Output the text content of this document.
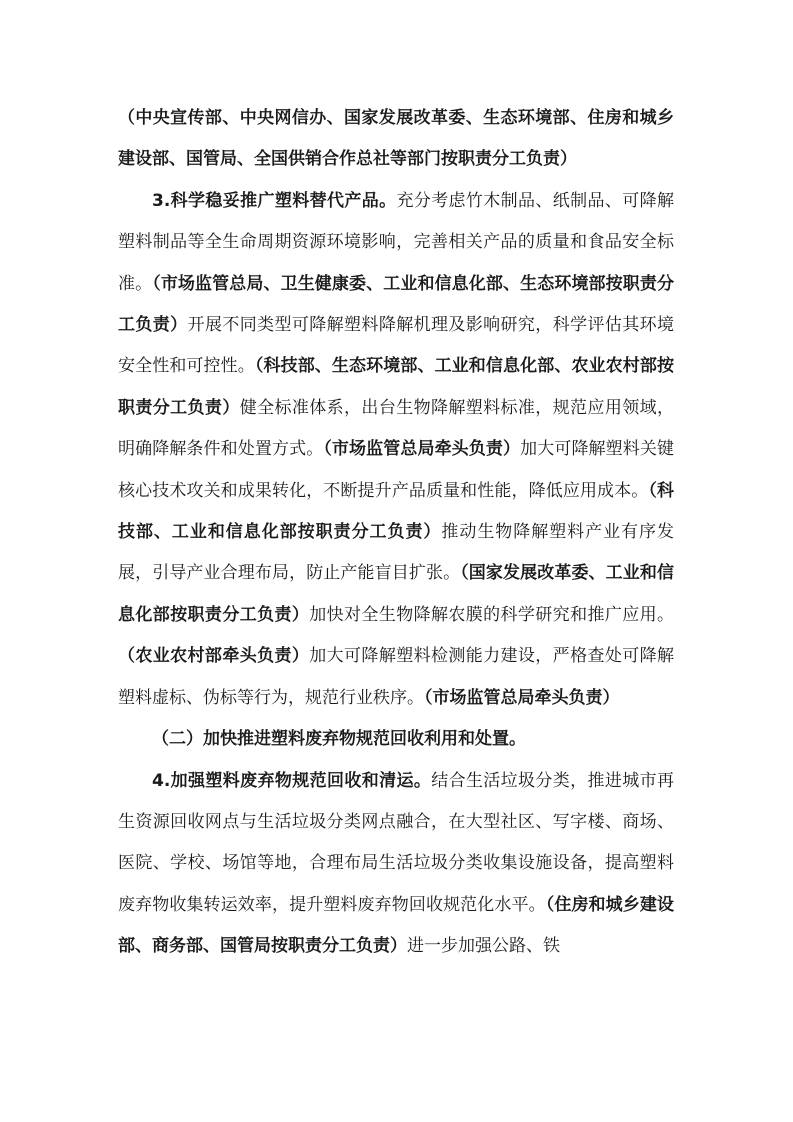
（中央宣传部、中央网信办、国家发展改革委、生态环境部、住房和城乡建设部、国管局、全国供销合作总社等部门按职责分工负责）

3.科学稳妥推广塑料替代产品。充分考虑竹木制品、纸制品、可降解塑料制品等全生命周期资源环境影响，完善相关产品的质量和食品安全标准。（市场监管总局、卫生健康委、工业和信息化部、生态环境部按职责分工负责）开展不同类型可降解塑料降解机理及影响研究，科学评估其环境安全性和可控性。（科技部、生态环境部、工业和信息化部、农业农村部按职责分工负责）健全标准体系，出台生物降解塑料标准，规范应用领域，明确降解条件和处置方式。（市场监管总局牵头负责）加大可降解塑料关键核心技术攻关和成果转化，不断提升产品质量和性能，降低应用成本。（科技部、工业和信息化部按职责分工负责）推动生物降解塑料产业有序发展，引导产业合理布局，防止产能盲目扩张。（国家发展改革委、工业和信息化部按职责分工负责）加快对全生物降解农膜的科学研究和推广应用。（农业农村部牵头负责）加大可降解塑料检测能力建设，严格查处可降解塑料虚标、伪标等行为，规范行业秩序。（市场监管总局牵头负责）

（二）加快推进塑料废弃物规范回收利用和处置。

4.加强塑料废弃物规范回收和清运。结合生活垃圾分类，推进城市再生资源回收网点与生活垃圾分类网点融合，在大型社区、写字楼、商场、医院、学校、场馆等地，合理布局生活垃圾分类收集设施设备，提高塑料废弃物收集转运效率，提升塑料废弃物回收规范化水平。（住房和城乡建设部、商务部、国管局按职责分工负责）进一步加强公路、铁
